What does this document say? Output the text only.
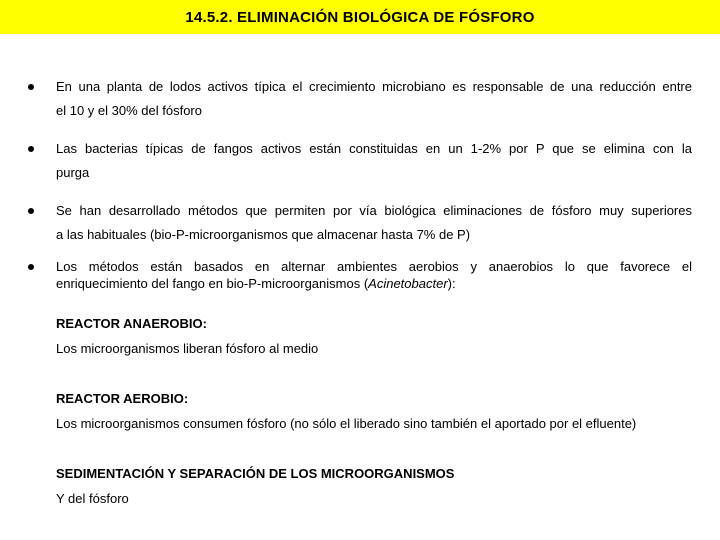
14.5.2. ELIMINACIÓN BIOLÓGICA DE FÓSFORO
En una planta de lodos activos típica el crecimiento microbiano es responsable de una reducción entre
el 10 y el 30% del fósforo
Las bacterias típicas de fangos activos están constituidas en un 1-2% por P que se elimina con la
purga
Se han desarrollado métodos que permiten por vía biológica eliminaciones de fósforo muy superiores
a las habituales (bio-P-microorganismos que almacenar hasta 7% de P)
Los métodos están basados en alternar ambientes aerobios y anaerobios lo que favorece el
enriquecimiento del fango en bio-P-microorganismos (Acinetobacter):
REACTOR ANAEROBIO:
Los microorganismos liberan fósforo al medio
REACTOR AEROBIO:
Los microorganismos consumen fósforo (no sólo el liberado sino también el aportado por el efluente)
SEDIMENTACIÓN Y SEPARACIÓN DE LOS MICROORGANISMOS
Y del fósforo
